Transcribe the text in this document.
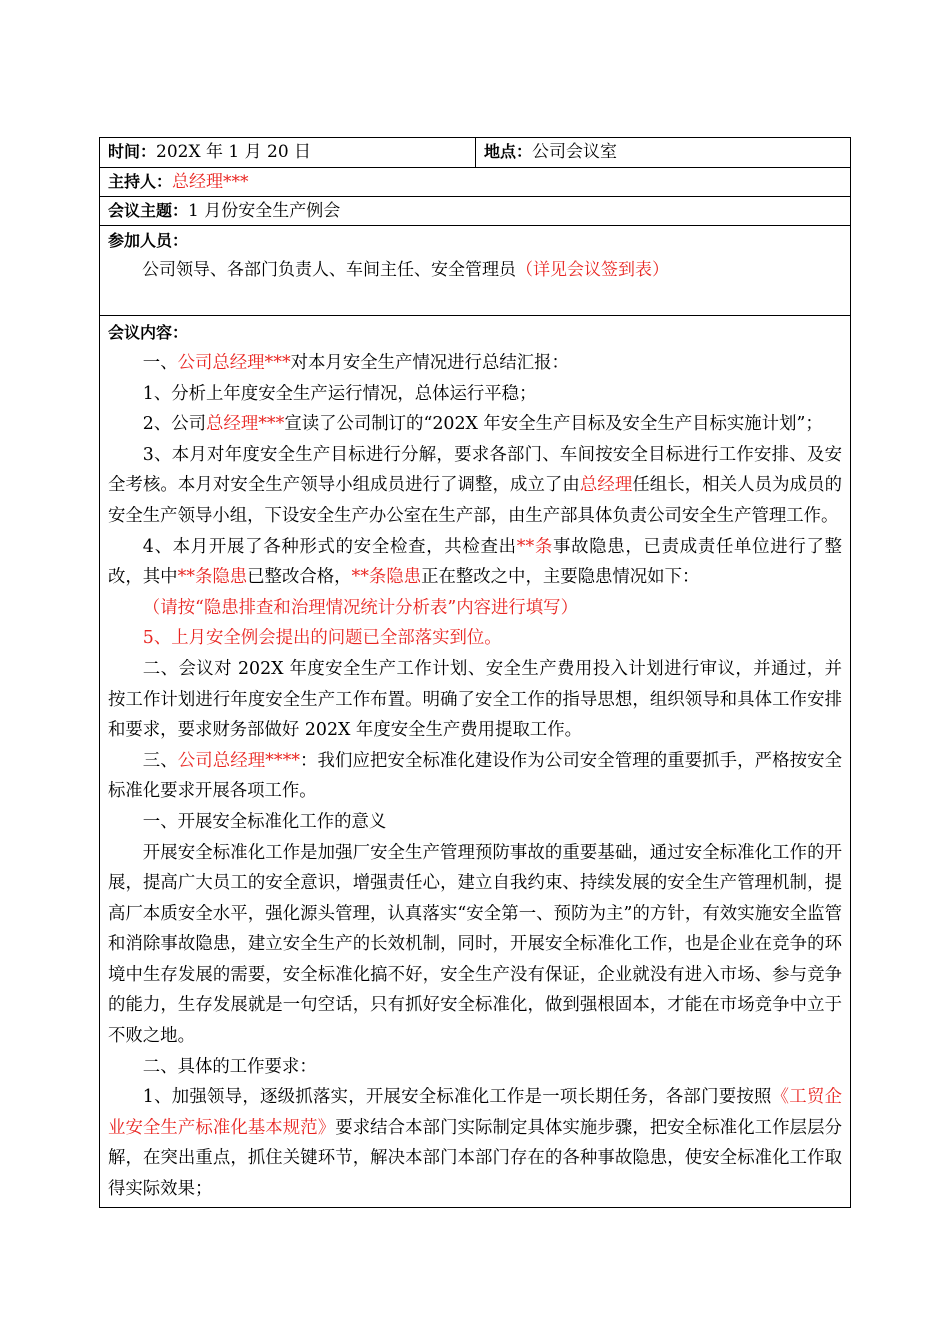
时间：202X 年 1 月 20 日	地点：公司会议室
主持人：总经理***
会议主题：1 月份安全生产例会
参加人员：

公司领导、各部门负责人、车间主任、安全管理员（详见会议签到表）

会议内容：

一、公司总经理***对本月安全生产情况进行总结汇报：

1、分析上年度安全生产运行情况，总体运行平稳；

2、公司总经理***宣读了公司制订的“202X 年安全生产目标及安全生产目标实施计划”；

3、本月对年度安全生产目标进行分解，要求各部门、车间按安全目标进行工作安排、及安全考核。本月对安全生产领导小组成员进行了调整，成立了由总经理任组长，相关人员为成员的安全生产领导小组，下设安全生产办公室在生产部，由生产部具体负责公司安全生产管理工作。

4、本月开展了各种形式的安全检查，共检查出**条事故隐患，已责成责任单位进行了整改，其中**条隐患已整改合格，**条隐患正在整改之中，主要隐患情况如下：

（请按“隐患排查和治理情况统计分析表”内容进行填写）

5、上月安全例会提出的问题已全部落实到位。

二、会议对 202X 年度安全生产工作计划、安全生产费用投入计划进行审议，并通过，并按工作计划进行年度安全生产工作布置。明确了安全工作的指导思想，组织领导和具体工作安排和要求，要求财务部做好 202X 年度安全生产费用提取工作。

三、公司总经理****：我们应把安全标准化建设作为公司安全管理的重要抓手，严格按安全标准化要求开展各项工作。

一、开展安全标准化工作的意义

开展安全标准化工作是加强厂安全生产管理预防事故的重要基础，通过安全标准化工作的开展，提高广大员工的安全意识，增强责任心，建立自我约束、持续发展的安全生产管理机制，提高厂本质安全水平，强化源头管理，认真落实“安全第一、预防为主”的方针，有效实施安全监管和消除事故隐患，建立安全生产的长效机制，同时，开展安全标准化工作，也是企业在竞争的环境中生存发展的需要，安全标准化搞不好，安全生产没有保证，企业就没有进入市场、参与竞争的能力，生存发展就是一句空话，只有抓好安全标准化，做到强根固本，才能在市场竞争中立于不败之地。

二、具体的工作要求：

1、加强领导，逐级抓落实，开展安全标准化工作是一项长期任务，各部门要按照《工贸企业安全生产标准化基本规范》要求结合本部门实际制定具体实施步骤，把安全标准化工作层层分解，在突出重点，抓住关键环节，解决本部门本部门存在的各种事故隐患，使安全标准化工作取得实际效果；
